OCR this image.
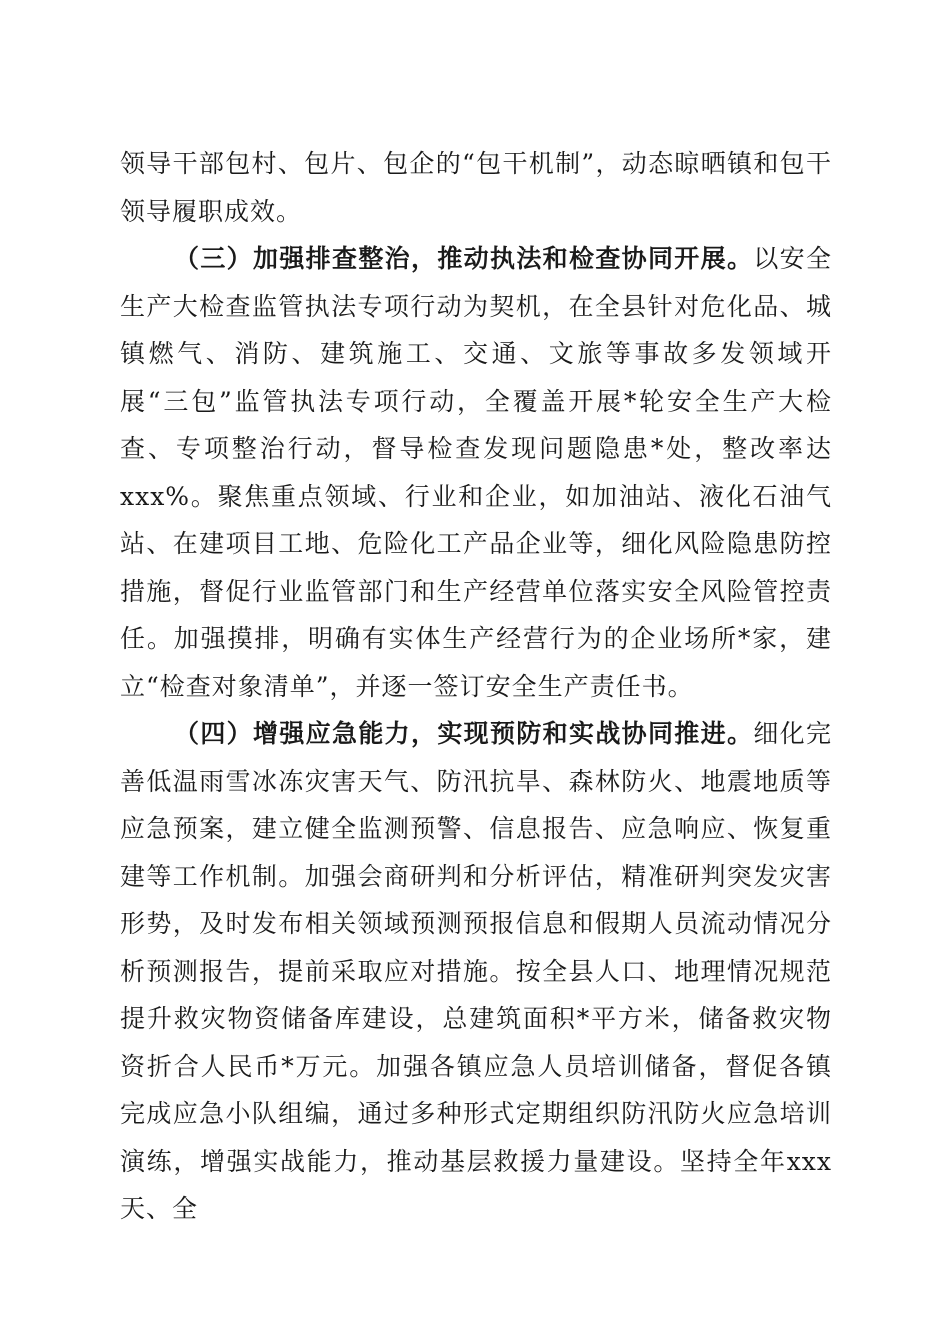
领导干部包村、包片、包企的“包干机制”，动态晾晒镇和包干领导履职成效。

（三）加强排查整治，推动执法和检查协同开展。以安全生产大检查监管执法专项行动为契机，在全县针对危化品、城镇燃气、消防、建筑施工、交通、文旅等事故多发领域开展“三包”监管执法专项行动，全覆盖开展*轮安全生产大检查、专项整治行动，督导检查发现问题隐患*处，整改率达xxx%。聚焦重点领域、行业和企业，如加油站、液化石油气站、在建项目工地、危险化工产品企业等，细化风险隐患防控措施，督促行业监管部门和生产经营单位落实安全风险管控责任。加强摸排，明确有实体生产经营行为的企业场所*家，建立“检查对象清单”，并逐一签订安全生产责任书。

（四）增强应急能力，实现预防和实战协同推进。细化完善低温雨雪冰冻灾害天气、防汛抗旱、森林防火、地震地质等应急预案，建立健全监测预警、信息报告、应急响应、恢复重建等工作机制。加强会商研判和分析评估，精准研判突发灾害形势，及时发布相关领域预测预报信息和假期人员流动情况分析预测报告，提前采取应对措施。按全县人口、地理情况规范提升救灾物资储备库建设，总建筑面积*平方米，储备救灾物资折合人民币*万元。加强各镇应急人员培训储备，督促各镇完成应急小队组编，通过多种形式定期组织防汛防火应急培训演练，增强实战能力，推动基层救援力量建设。坚持全年xxx天、全
